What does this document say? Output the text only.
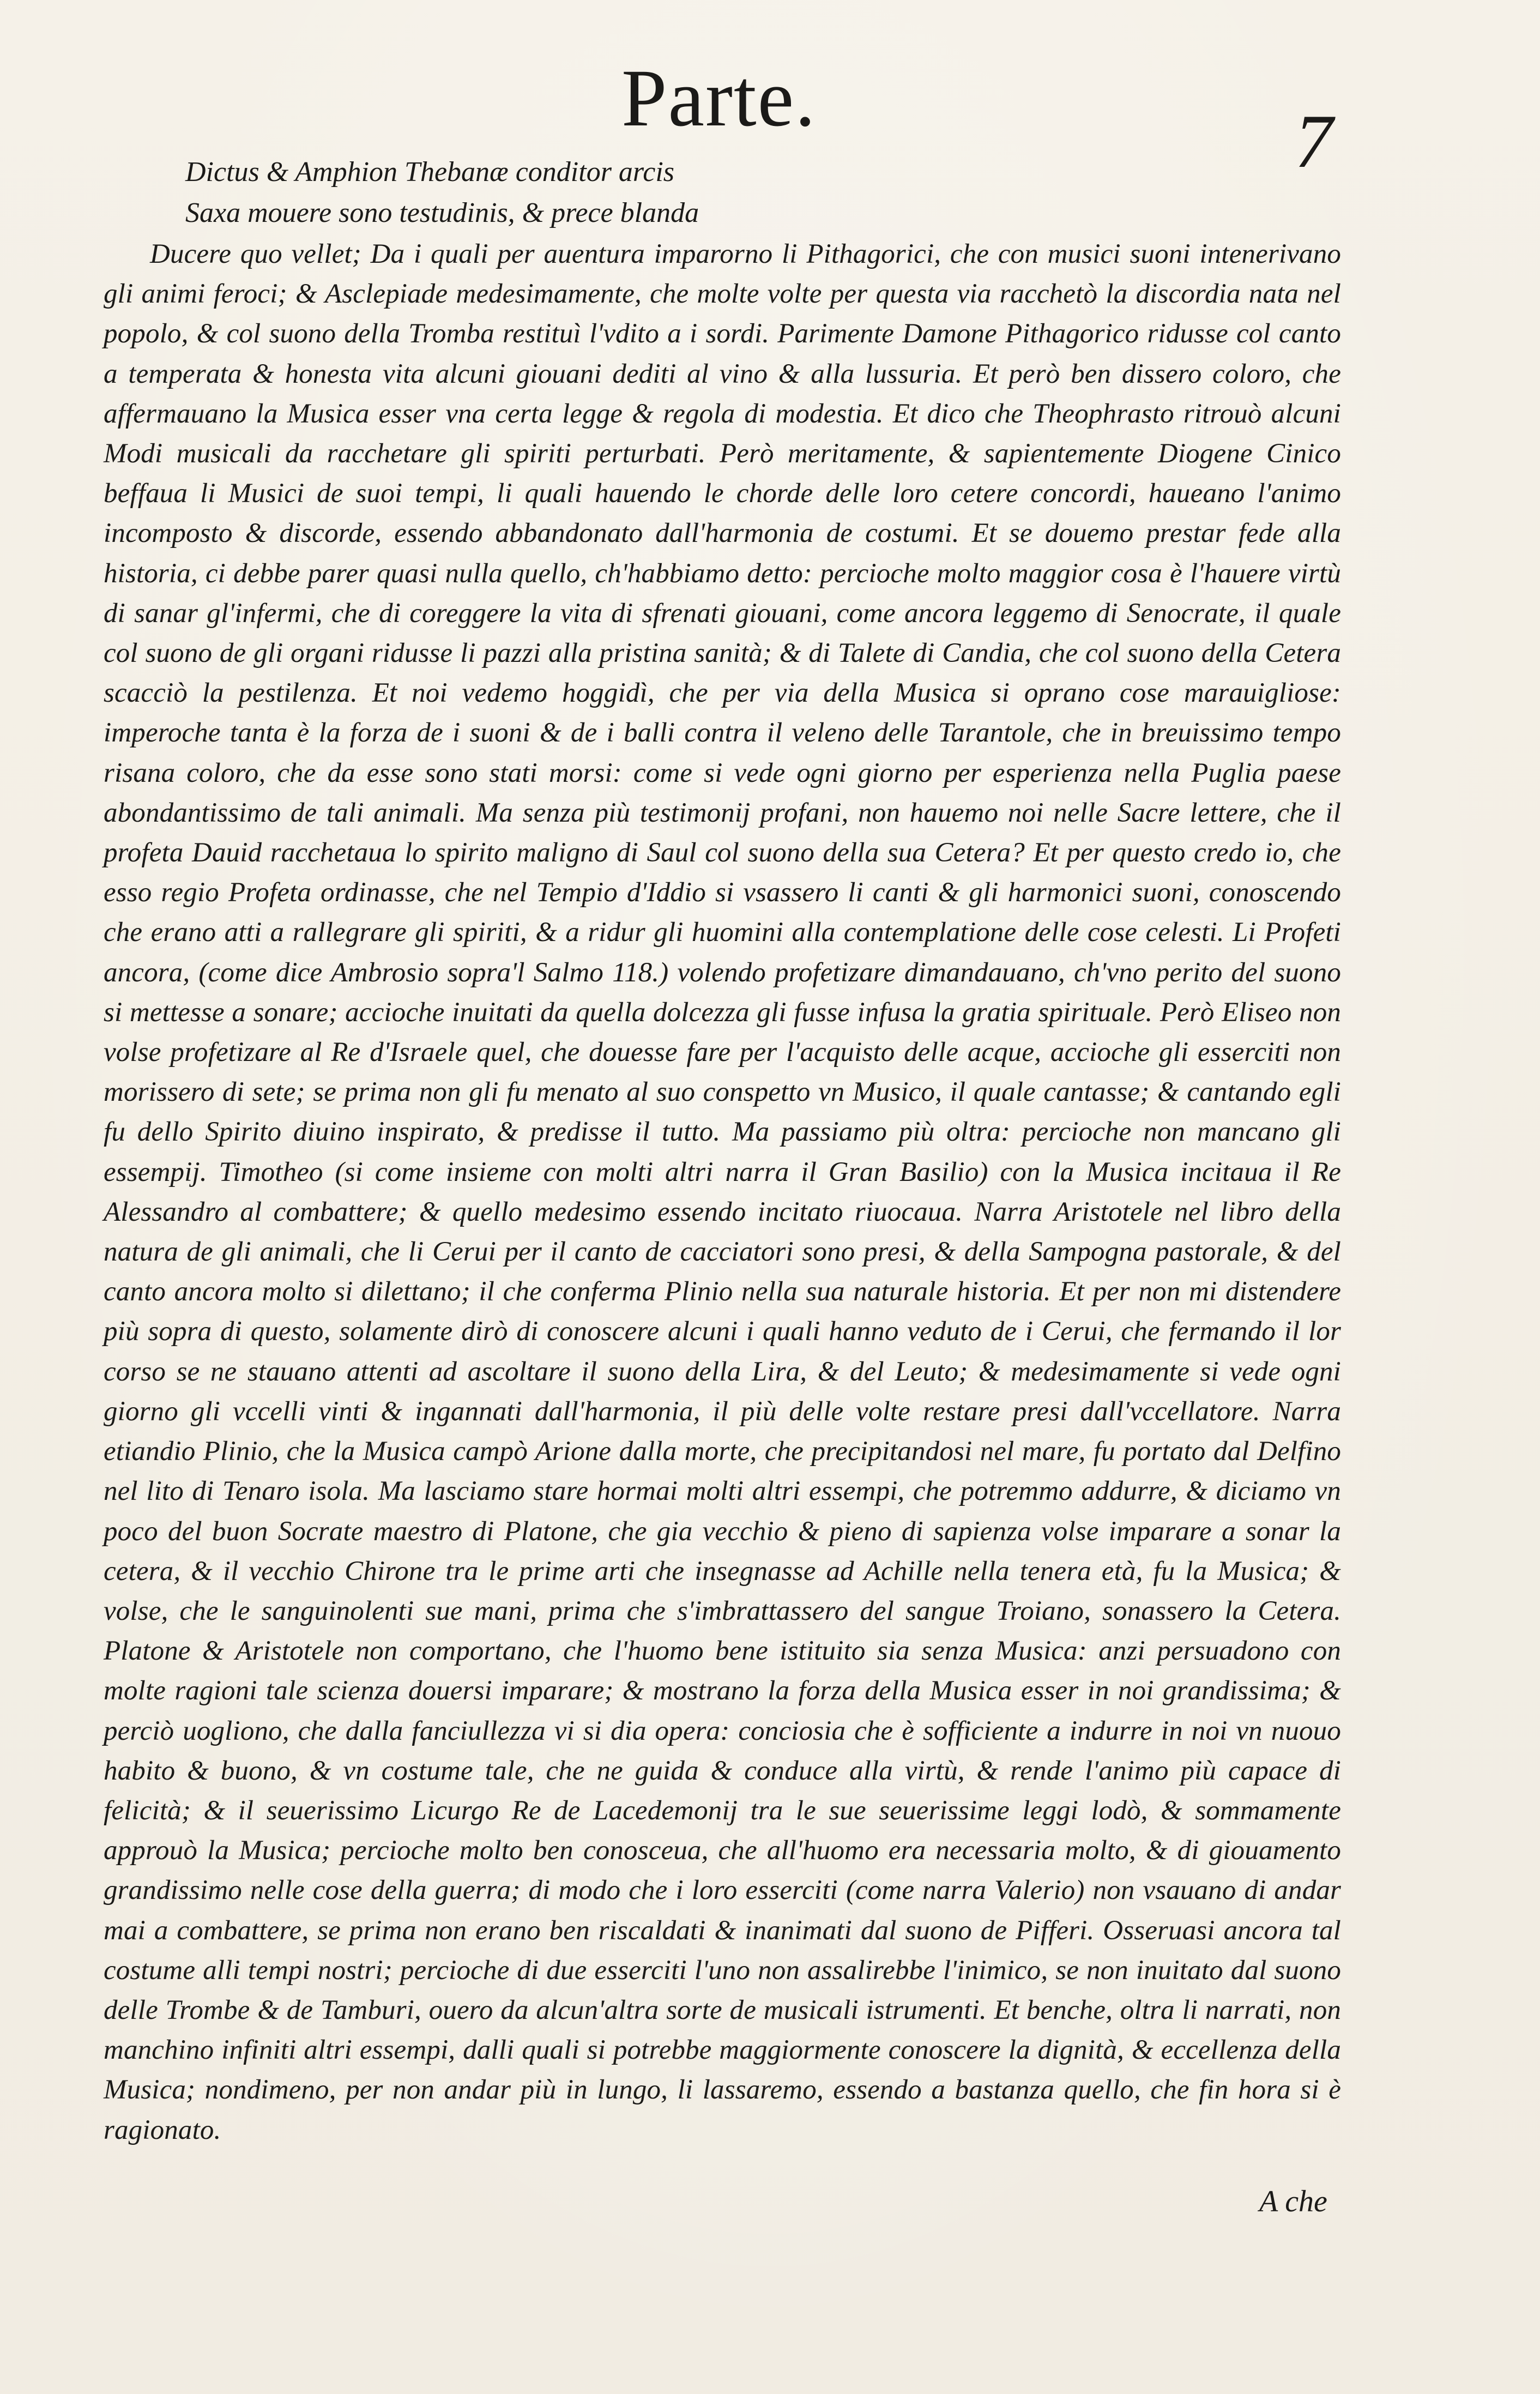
Parte.	7
Dictus & Amphion Thebanæ conditor arcis
Saxa mouere sono testudinis, & prece blanda

Ducere quo vellet; Da i quali per auentura imparorno li Pithagorici, che con musici suoni intenerivano gli animi feroci; & Asclepiade medesimamente, che molte volte per questa via racchetò la discordia nata nel popolo, & col suono della Tromba restituì l'vdito a i sordi. Parimente Damone Pithagorico ridusse col canto a temperata & honesta vita alcuni giouani dediti al vino & alla lussuria. Et però ben dissero coloro, che affermauano la Musica esser vna certa legge & regola di modestia. Et dico che Theophrasto ritrouò alcuni Modi musicali da racchetare gli spiriti perturbati. Però meritamente, & sapientemente Diogene Cinico beffaua li Musici de suoi tempi, li quali hauendo le chorde delle loro cetere concordi, haueano l'animo incomposto & discorde, essendo abbandonato dall'harmonia de costumi. Et se douemo prestar fede alla historia, ci debbe parer quasi nulla quello, ch'habbiamo detto: percioche molto maggior cosa è l'hauere virtù di sanar gl'infermi, che di coreggere la vita di sfrenati giouani, come ancora leggemo di Senocrate, il quale col suono de gli organi ridusse li pazzi alla pristina sanità; & di Talete di Candia, che col suono della Cetera scacciò la pestilenza. Et noi vedemo hoggidì, che per via della Musica si oprano cose marauigliose: imperoche tanta è la forza de i suoni & de i balli contra il veleno delle Tarantole, che in breuissimo tempo risana coloro, che da esse sono stati morsi: come si vede ogni giorno per esperienza nella Puglia paese abondantissimo de tali animali. Ma senza più testimonij profani, non hauemo noi nelle Sacre lettere, che il profeta Dauid racchetaua lo spirito maligno di Saul col suono della sua Cetera? Et per questo credo io, che esso regio Profeta ordinasse, che nel Tempio d'Iddio si vsassero li canti & gli harmonici suoni, conoscendo che erano atti a rallegrare gli spiriti, & a ridur gli huomini alla contemplatione delle cose celesti. Li Profeti ancora, (come dice Ambrosio sopra'l Salmo 118.) volendo profetizare dimandauano, ch'vno perito del suono si mettesse a sonare; accioche inuitati da quella dolcezza gli fusse infusa la gratia spirituale. Però Eliseo non volse profetizare al Re d'Israele quel, che douesse fare per l'acquisto delle acque, accioche gli esserciti non morissero di sete; se prima non gli fu menato al suo conspetto vn Musico, il quale cantasse; & cantando egli fu dello Spirito diuino inspirato, & predisse il tutto. Ma passiamo più oltra: percioche non mancano gli essempij. Timotheo (si come insieme con molti altri narra il Gran Basilio) con la Musica incitaua il Re Alessandro al combattere; & quello medesimo essendo incitato riuocaua. Narra Aristotele nel libro della natura de gli animali, che li Cerui per il canto de cacciatori sono presi, & della Sampogna pastorale, & del canto ancora molto si dilettano; il che conferma Plinio nella sua naturale historia. Et per non mi distendere più sopra di questo, solamente dirò di conoscere alcuni i quali hanno veduto de i Cerui, che fermando il lor corso se ne stauano attenti ad ascoltare il suono della Lira, & del Leuto; & medesimamente si vede ogni giorno gli vccelli vinti & ingannati dall'harmonia, il più delle volte restare presi dall'vccellatore. Narra etiandio Plinio, che la Musica campò Arione dalla morte, che precipitandosi nel mare, fu portato dal Delfino nel lito di Tenaro isola. Ma lasciamo stare hormai molti altri essempi, che potremmo addurre, & diciamo vn poco del buon Socrate maestro di Platone, che gia vecchio & pieno di sapienza volse imparare a sonar la cetera, & il vecchio Chirone tra le prime arti che insegnasse ad Achille nella tenera età, fu la Musica; & volse, che le sanguinolenti sue mani, prima che s'imbrattassero del sangue Troiano, sonassero la Cetera. Platone & Aristotele non comportano, che l'huomo bene istituito sia senza Musica: anzi persuadono con molte ragioni tale scienza douersi imparare; & mostrano la forza della Musica esser in noi grandissima; & perciò uogliono, che dalla fanciullezza vi si dia opera: conciosia che è sofficiente a indurre in noi vn nuouo habito & buono, & vn costume tale, che ne guida & conduce alla virtù, & rende l'animo più capace di felicità; & il seuerissimo Licurgo Re de Lacedemonij tra le sue seuerissime leggi lodò, & sommamente approuò la Musica; percioche molto ben conosceua, che all'huomo era necessaria molto, & di giouamento grandissimo nelle cose della guerra; di modo che i loro esserciti (come narra Valerio) non vsauano di andar mai a combattere, se prima non erano ben riscaldati & inanimati dal suono de Pifferi. Osseruasi ancora tal costume alli tempi nostri; percioche di due esserciti l'uno non assalirebbe l'inimico, se non inuitato dal suono delle Trombe & de Tamburi, ouero da alcun'altra sorte de musicali istrumenti. Et benche, oltra li narrati, non manchino infiniti altri essempi, dalli quali si potrebbe maggiormente conoscere la dignità, & eccellenza della Musica; nondimeno, per non andar più in lungo, li lassaremo, essendo a bastanza quello, che fin hora si è ragionato.

A che
